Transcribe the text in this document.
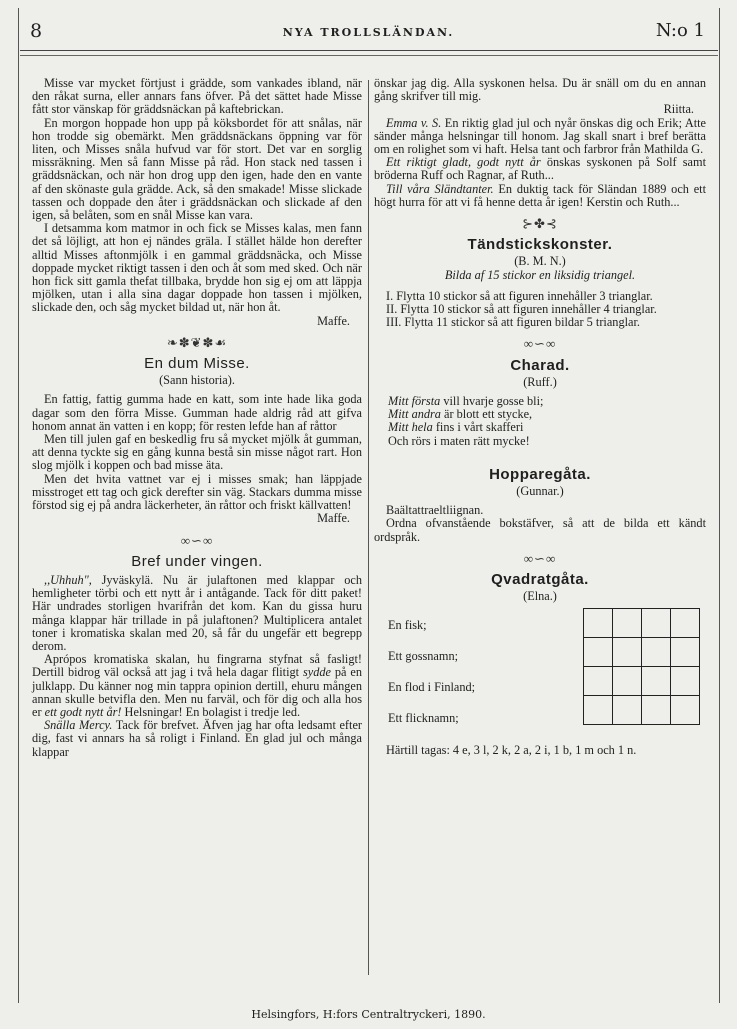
8	NYA TROLLSLÄNDAN.	N:o 1

Misse var mycket förtjust i grädde, som vankades ibland, när den råkat surna, eller annars fans öfver. På det sättet hade Misse fått stor vänskap för gräddsnäckan på kaftebrickan.

En morgon hoppade hon upp på köksbordet för att snålas, när hon trodde sig obemärkt. Men gräddsnäckans öppning var för liten, och Misses snåla hufvud var för stort. Det var en sorglig missräkning. Men så fann Misse på råd. Hon stack ned tassen i gräddsnäckan, och när hon drog upp den igen, hade den en vante af den skönaste gula grädde. Ack, så den smakade! Misse slickade tassen och doppade den åter i gräddsnäckan och slickade af den igen, så belåten, som en snål Misse kan vara.

I detsamma kom matmor in och fick se Misses kalas, men fann det så löjligt, att hon ej nändes gräla. I stället hälde hon derefter alltid Misses aftonmjölk i en gammal gräddsnäcka, och Misse doppade mycket riktigt tassen i den och åt som med sked. Och när hon fick sitt gamla thefat tillbaka, brydde hon sig ej om att läppja mjölken, utan i alla sina dagar doppade hon tassen i mjölken, slickade den, och såg mycket bildad ut, när hon åt.

Maffe.

❧✽❦✽☙
En dum Misse.
(Sann historia).

En fattig, fattig gumma hade en katt, som inte hade lika goda dagar som den förra Misse. Gumman hade aldrig råd att gifva honom annat än vatten i en kopp; för resten lefde han af råttor

Men till julen gaf en beskedlig fru så mycket mjölk åt gumman, att denna tyckte sig en gång kunna bestå sin misse något rart. Hon slog mjölk i koppen och bad misse äta.

Men det hvita vattnet var ej i misses smak; han läppjade misstroget ett tag och gick derefter sin väg. Stackars dumma misse förstod sig ej på andra läckerheter, än råttor och friskt källvatten!

Maffe.

∞∽∞
Bref under vingen.

,,Uhhuh", Jyväskylä. Nu är julaftonen med klappar och hemligheter törbi och ett nytt år i antågande. Tack för ditt paket! Här undrades storligen hvarifrån det kom. Kan du gissa huru många klappar här trillade in på julaftonen? Multiplicera antalet toner i kromatiska skalan med 20, så får du ungefär ett begrepp derom.

Aprópos kromatiska skalan, hu fingrarna styfnat så fasligt! Dertill bidrog väl också att jag i två hela dagar flitigt sydde på en julklapp. Du känner nog min tappra opinion dertill, ehuru mången annan skulle betvifla den. Men nu farväl, och för dig och alla hos er ett godt nytt år! Helsningar! En bolagist i tredje led.

Snälla Mercy. Tack för brefvet. Äfven jag har ofta ledsamt efter dig, fast vi annars ha så roligt i Finland. En glad jul och många klappar

önskar jag dig. Alla syskonen helsa. Du är snäll om du en annan gång skrifver till mig.

Riitta.

Emma v. S. En riktig glad jul och nyår önskas dig och Erik; Atte sänder många helsningar till honom. Jag skall snart i bref berätta om en rolighet som vi haft. Helsa tant och farbror från Mathilda G.

Ett riktigt gladt, godt nytt år önskas syskonen på Solf samt bröderna Ruff och Ragnar, af Ruth...

Till våra Sländtanter. En duktig tack för Sländan 1889 och ett högt hurra för att vi få henne detta år igen! Kerstin och Ruth...

⊱✤⊰
Tändstickskonster.
(B. M. N.)
Bilda af 15 stickor en liksidig triangel.

I. Flytta 10 stickor så att figuren innehåller 3 trianglar.

II. Flytta 10 stickor så att figuren innehåller 4 trianglar.

III. Flytta 11 stickor så att figuren bildar 5 trianglar.

∞∽∞
Charad.
(Ruff.)
Mitt första vill hvarje gosse bli;
Mitt andra är blott ett stycke,
Mitt hela fins i vårt skafferi
Och rörs i maten rätt mycke!
Hopparegåta.
(Gunnar.)

Baältattraeltliignan.

Ordna ofvanstående bokstäfver, så att de bilda ett kändt ordspråk.

∞∽∞
Qvadratgåta.
(Elna.)

En fisk;
Ett gossnamn;
En flod i Finland;
Ett flicknamn;

Härtill tagas: 4 e, 3 l, 2 k, 2 a, 2 i, 1 b, 1 m och 1 n.

Helsingfors, H:fors Centraltryckeri, 1890.
